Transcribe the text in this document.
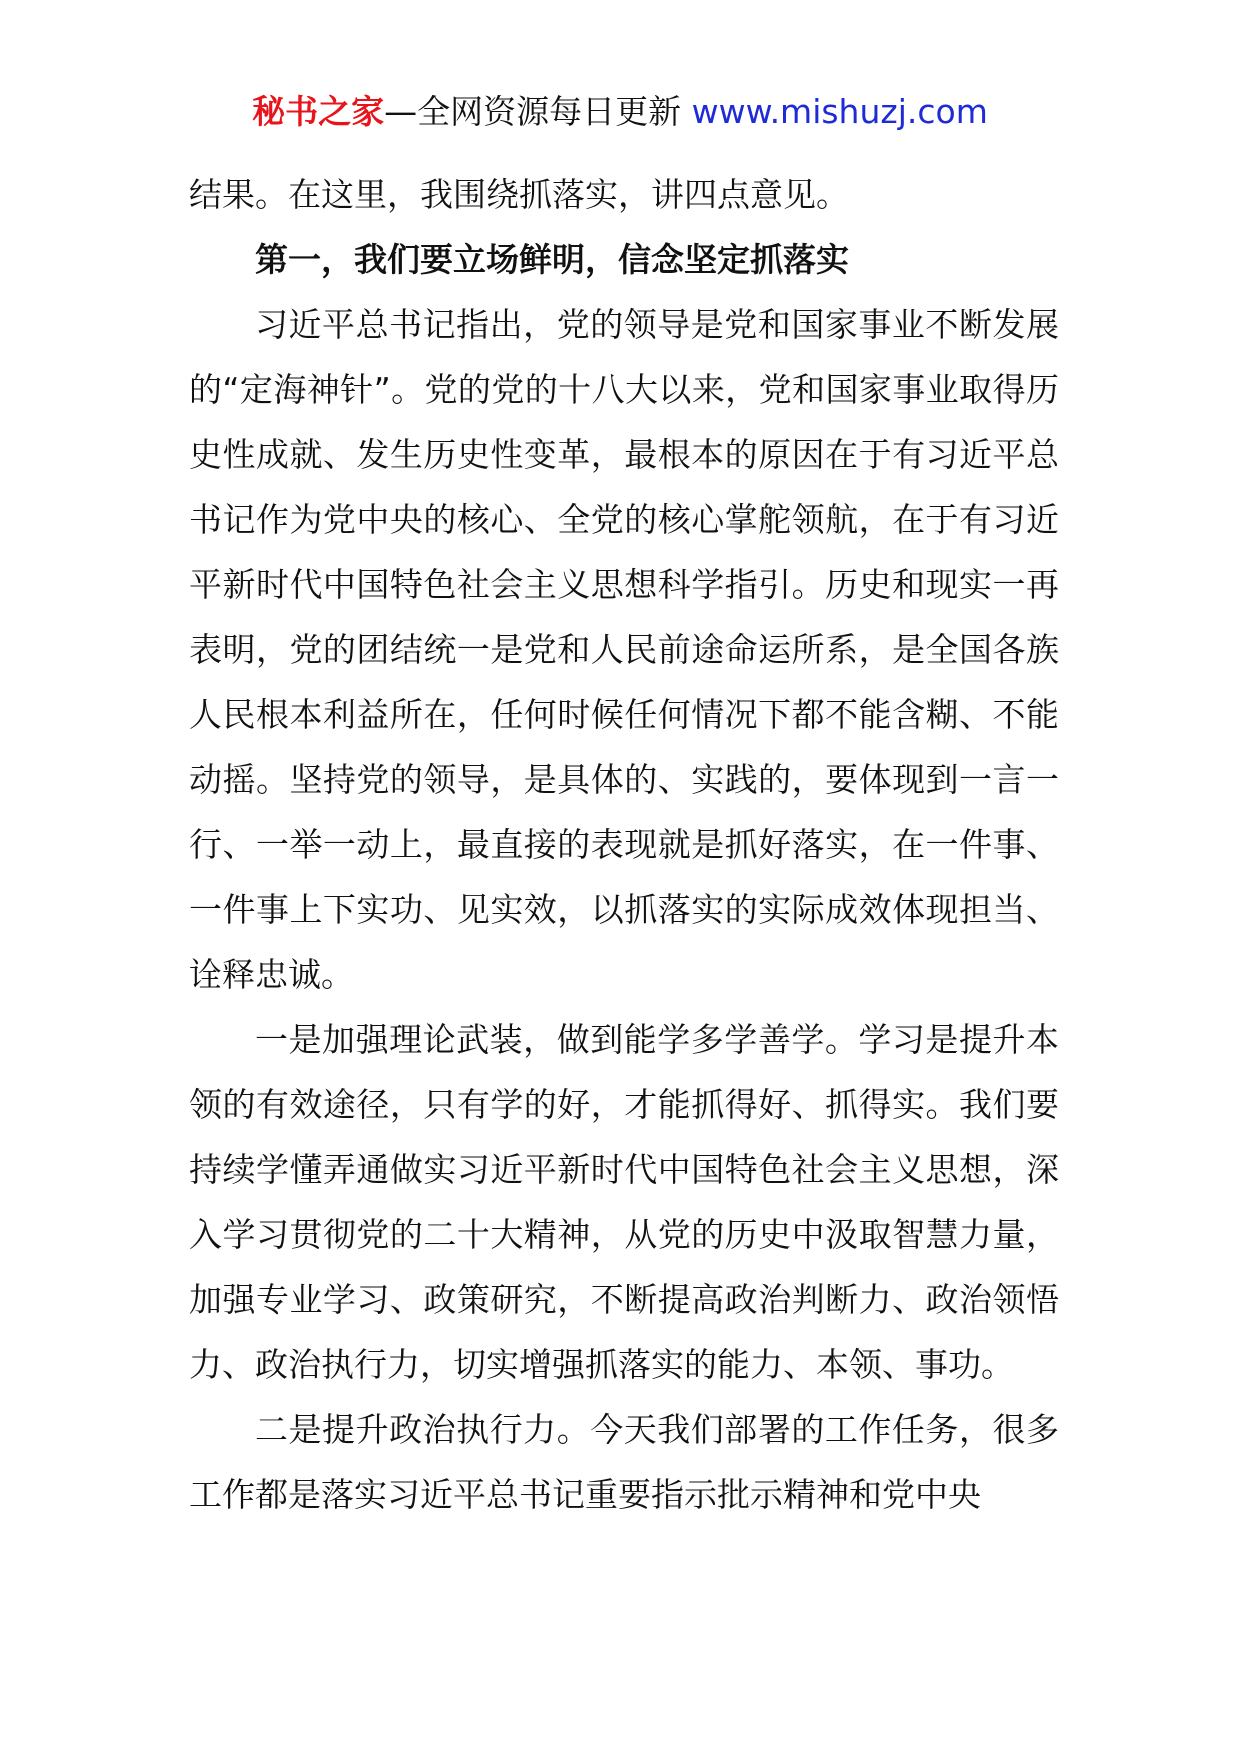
秘书之家—全网资源每日更新 www.mishuzj.com

结果。在这里，我围绕抓落实，讲四点意见。

第一，我们要立场鲜明，信念坚定抓落实

习近平总书记指出，党的领导是党和国家事业不断发展的“定海神针”。党的党的十八大以来，党和国家事业取得历史性成就、发生历史性变革，最根本的原因在于有习近平总书记作为党中央的核心、全党的核心掌舵领航，在于有习近平新时代中国特色社会主义思想科学指引。历史和现实一再表明，党的团结统一是党和人民前途命运所系，是全国各族人民根本利益所在，任何时候任何情况下都不能含糊、不能动摇。坚持党的领导，是具体的、实践的，要体现到一言一行、一举一动上，最直接的表现就是抓好落实，在一件事、一件事上下实功、见实效，以抓落实的实际成效体现担当、诠释忠诚。

一是加强理论武装，做到能学多学善学。学习是提升本领的有效途径，只有学的好，才能抓得好、抓得实。我们要持续学懂弄通做实习近平新时代中国特色社会主义思想，深入学习贯彻党的二十大精神，从党的历史中汲取智慧力量，加强专业学习、政策研究，不断提高政治判断力、政治领悟力、政治执行力，切实增强抓落实的能力、本领、事功。

二是提升政治执行力。今天我们部署的工作任务，很多工作都是落实习近平总书记重要指示批示精神和党中央
